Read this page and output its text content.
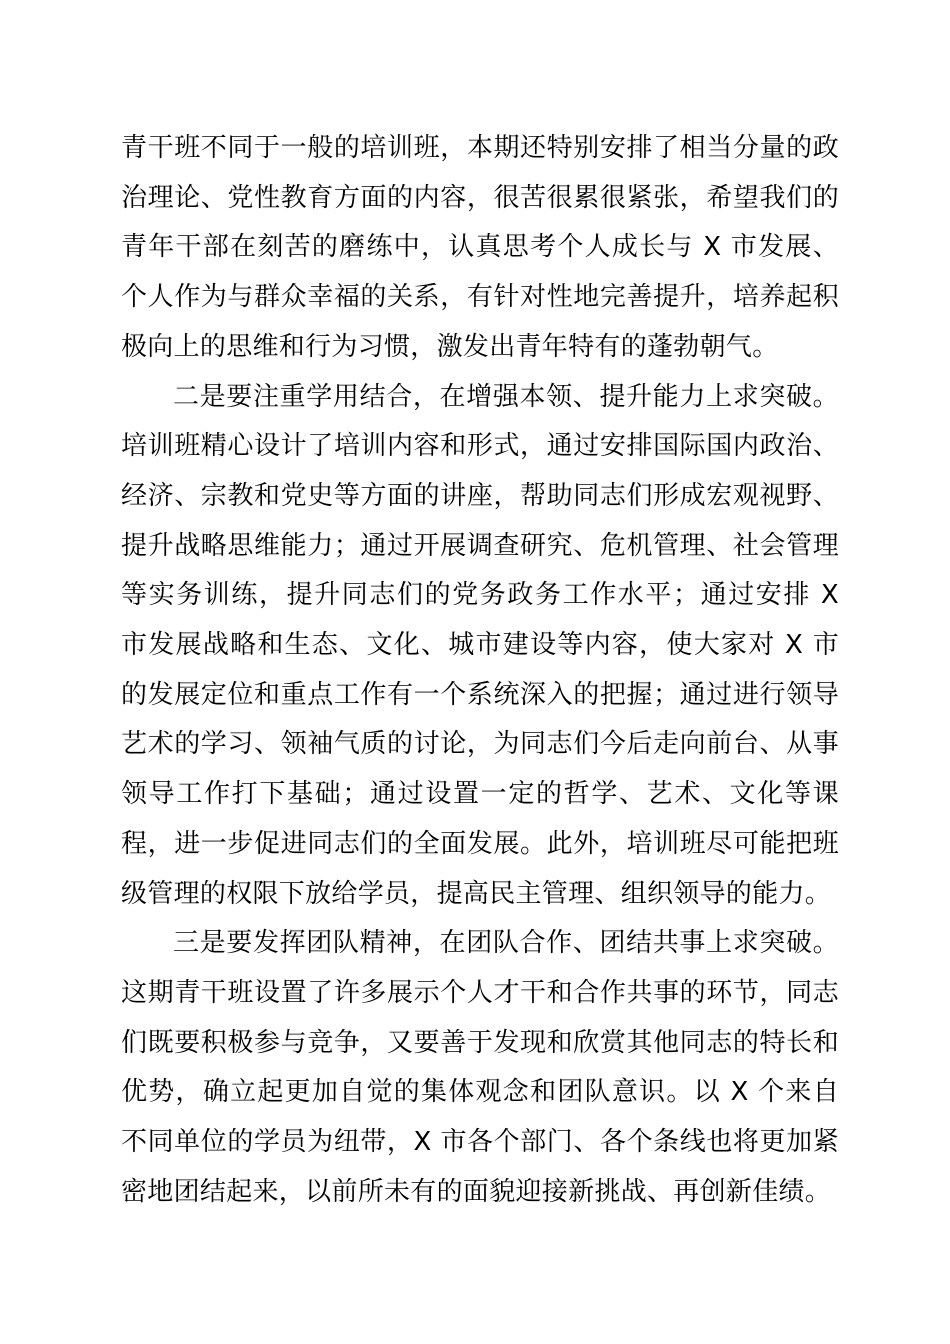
青干班不同于一般的培训班，本期还特别安排了相当分量的政治理论、党性教育方面的内容，很苦很累很紧张，希望我们的青年干部在刻苦的磨练中，认真思考个人成长与 X 市发展、个人作为与群众幸福的关系，有针对性地完善提升，培养起积极向上的思维和行为习惯，激发出青年特有的蓬勃朝气。

二是要注重学用结合，在增强本领、提升能力上求突破。培训班精心设计了培训内容和形式，通过安排国际国内政治、经济、宗教和党史等方面的讲座，帮助同志们形成宏观视野、提升战略思维能力；通过开展调查研究、危机管理、社会管理等实务训练，提升同志们的党务政务工作水平；通过安排 X 市发展战略和生态、文化、城市建设等内容，使大家对 X 市的发展定位和重点工作有一个系统深入的把握；通过进行领导艺术的学习、领袖气质的讨论，为同志们今后走向前台、从事领导工作打下基础；通过设置一定的哲学、艺术、文化等课程，进一步促进同志们的全面发展。此外，培训班尽可能把班级管理的权限下放给学员，提高民主管理、组织领导的能力。

三是要发挥团队精神，在团队合作、团结共事上求突破。这期青干班设置了许多展示个人才干和合作共事的环节，同志们既要积极参与竞争，又要善于发现和欣赏其他同志的特长和优势，确立起更加自觉的集体观念和团队意识。以 X 个来自不同单位的学员为纽带，X 市各个部门、各个条线也将更加紧密地团结起来，以前所未有的面貌迎接新挑战、再创新佳绩。
